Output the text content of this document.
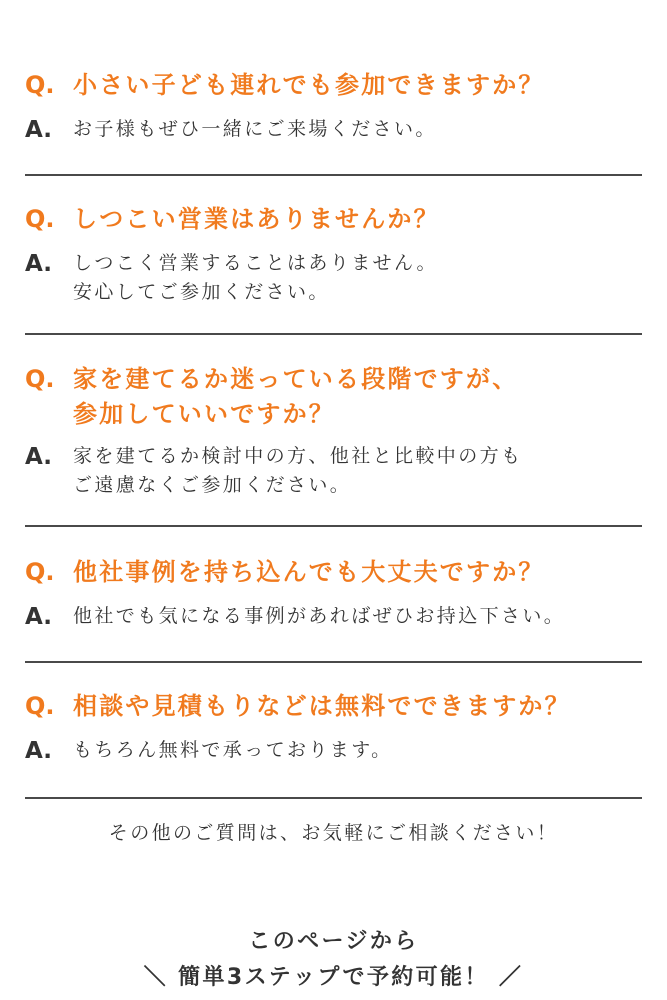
Q. 小さい子ども連れでも参加できますか？
A.	お子様もぜひ一緒にご来場ください。
Q. しつこい営業はありませんか？
A.	しつこく営業することはありません。
安心してご参加ください。
Q. 家を建てるか迷っている段階ですが、
参加していいですか？
A.	家を建てるか検討中の方、他社と比較中の方も
ご遠慮なくご参加ください。
Q. 他社事例を持ち込んでも大丈夫ですか？
A.	他社でも気になる事例があればぜひお持込下さい。
Q. 相談や見積もりなどは無料でできますか？
A.	もちろん無料で承っております。
その他のご質問は、お気軽にご相談ください！
このページから
＼ 簡単3ステップで予約可能！ ／
